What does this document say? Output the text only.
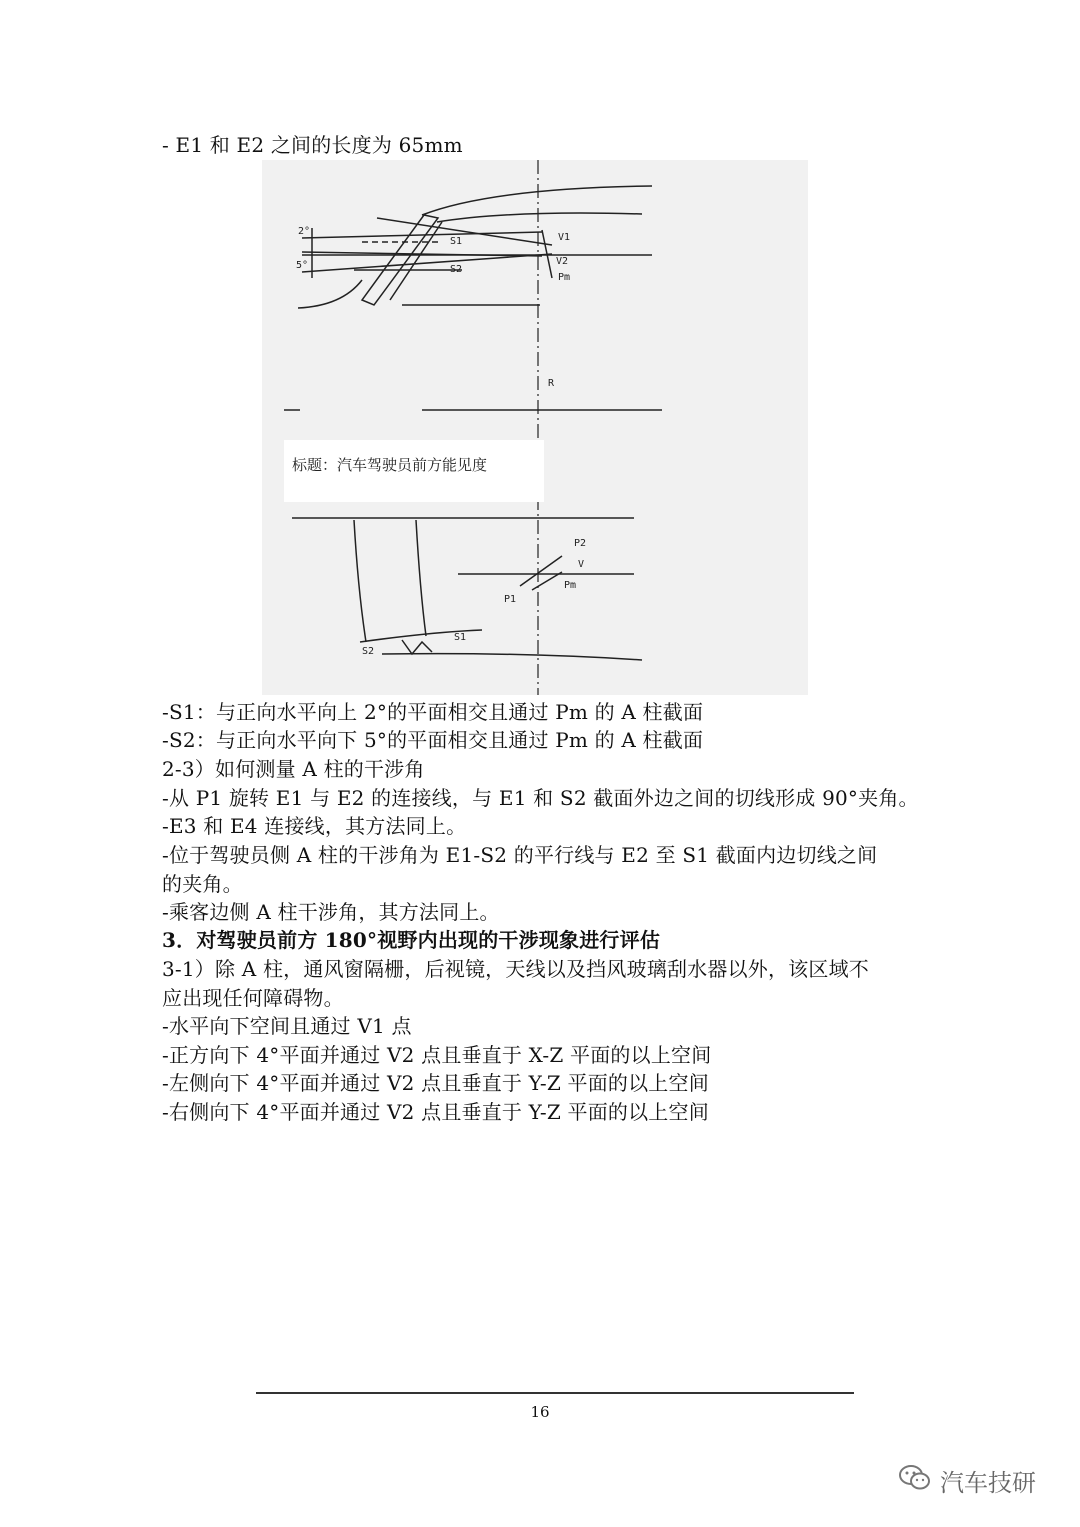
- E1 和 E2 之间的长度为 65mm
标题：汽车驾驶员前方能见度
2°
5°
S1
S2
V1
V2
Pm
R
P2
V
Pm
P1
S1
S2
-S1：与正向水平向上 2°的平面相交且通过 Pm 的 A 柱截面
-S2：与正向水平向下 5°的平面相交且通过 Pm 的 A 柱截面
2-3）如何测量 A 柱的干涉角
-从 P1 旋转 E1 与 E2 的连接线，与 E1 和 S2 截面外边之间的切线形成 90°夹角。
-E3 和 E4 连接线，其方法同上。
-位于驾驶员侧 A 柱的干涉角为 E1-S2 的平行线与 E2 至 S1 截面内边切线之间
的夹角。
-乘客边侧 A 柱干涉角，其方法同上。
3．对驾驶员前方 180°视野内出现的干涉现象进行评估
3-1）除 A 柱，通风窗隔栅，后视镜，天线以及挡风玻璃刮水器以外，该区域不
应出现任何障碍物。
-水平向下空间且通过 V1 点
-正方向下 4°平面并通过 V2 点且垂直于 X-Z 平面的以上空间
-左侧向下 4°平面并通过 V2 点且垂直于 Y-Z 平面的以上空间
-右侧向下 4°平面并通过 V2 点且垂直于 Y-Z 平面的以上空间
16
汽车技研
